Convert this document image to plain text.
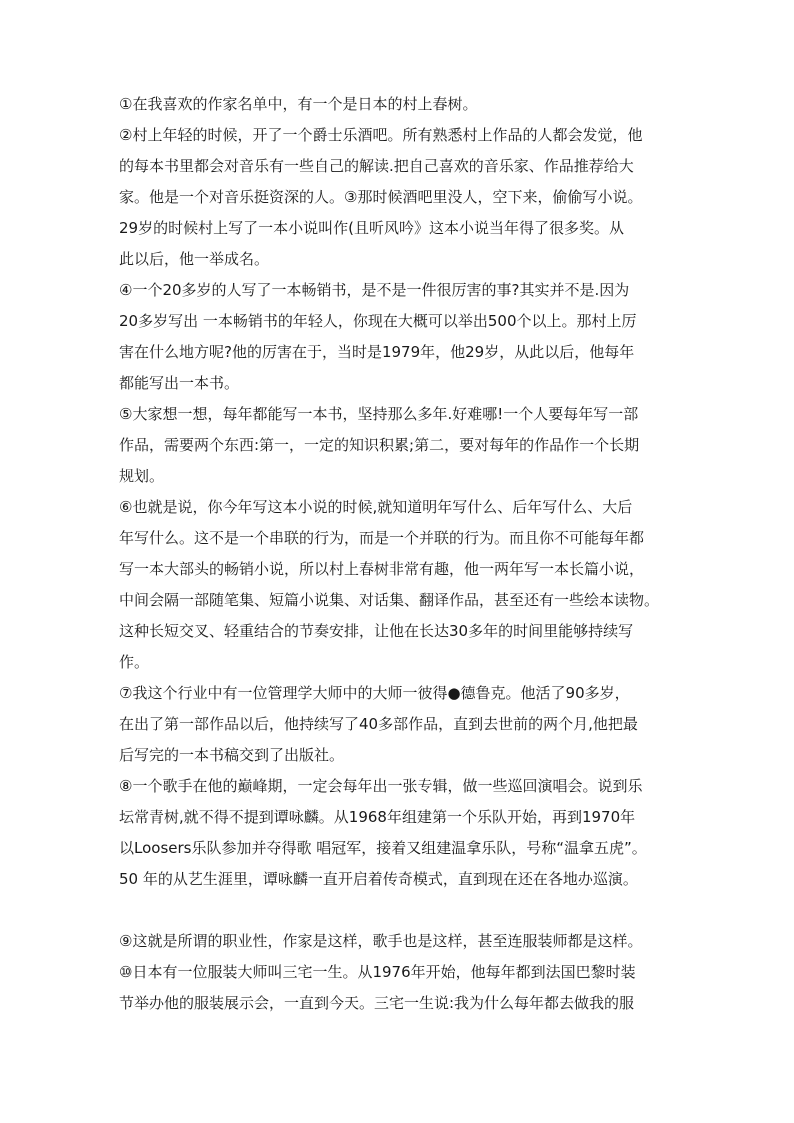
①在我喜欢的作家名单中，有一个是日本的村上春树。
②村上年轻的时候，开了一个爵士乐酒吧。所有熟悉村上作品的人都会发觉，他
的每本书里都会对音乐有一些自己的解读.把自己喜欢的音乐家、作品推荐给大
家。他是一个对音乐挺资深的人。③那时候酒吧里没人，空下来，偷偷写小说。
29岁的时候村上写了一本小说叫作(且听风吟》这本小说当年得了很多奖。从
此以后，他一举成名。
④一个20多岁的人写了一本畅销书，是不是一件很厉害的事?其实并不是.因为
20多岁写出 一本畅销书的年轻人，你现在大概可以举出500个以上。那村上厉
害在什么地方呢?他的厉害在于，当时是1979年，他29岁，从此以后，他每年
都能写出一本书。
⑤大家想一想，每年都能写一本书，坚持那么多年.好难哪!一个人要每年写一部
作品，需要两个东西:第一，一定的知识积累;第二，要对每年的作品作一个长期
规划。
⑥也就是说，你今年写这本小说的时候,就知道明年写什么、后年写什么、大后
年写什么。这不是一个串联的行为，而是一个并联的行为。而且你不可能每年都
写一本大部头的畅销小说，所以村上春树非常有趣，他一两年写一本长篇小说，
中间会隔一部随笔集、短篇小说集、对话集、翻译作品，甚至还有一些绘本读物。
这种长短交叉、轻重结合的节奏安排，让他在长达30多年的时间里能够持续写
作。
⑦我这个行业中有一位管理学大师中的大师一彼得●德鲁克。他活了90多岁，
在出了第一部作品以后，他持续写了40多部作品，直到去世前的两个月,他把最
后写完的一本书稿交到了出版社。
⑧一个歌手在他的巅峰期，一定会每年出一张专辑，做一些巡回演唱会。说到乐
坛常青树,就不得不提到谭咏麟。从1968年组建第一个乐队开始，再到1970年
以Loosers乐队参加并夺得歌 唱冠军，接着又组建温拿乐队，号称“温拿五虎”。
50 年的从艺生涯里，谭咏麟一直开启着传奇模式，直到现在还在各地办巡演。
⑨这就是所谓的职业性，作家是这样，歌手也是这样，甚至连服装师都是这样。
⑩日本有一位服装大师叫三宅一生。从1976年开始，他每年都到法国巴黎时装
节举办他的服装展示会，一直到今天。三宅一生说:我为什么每年都去做我的服
